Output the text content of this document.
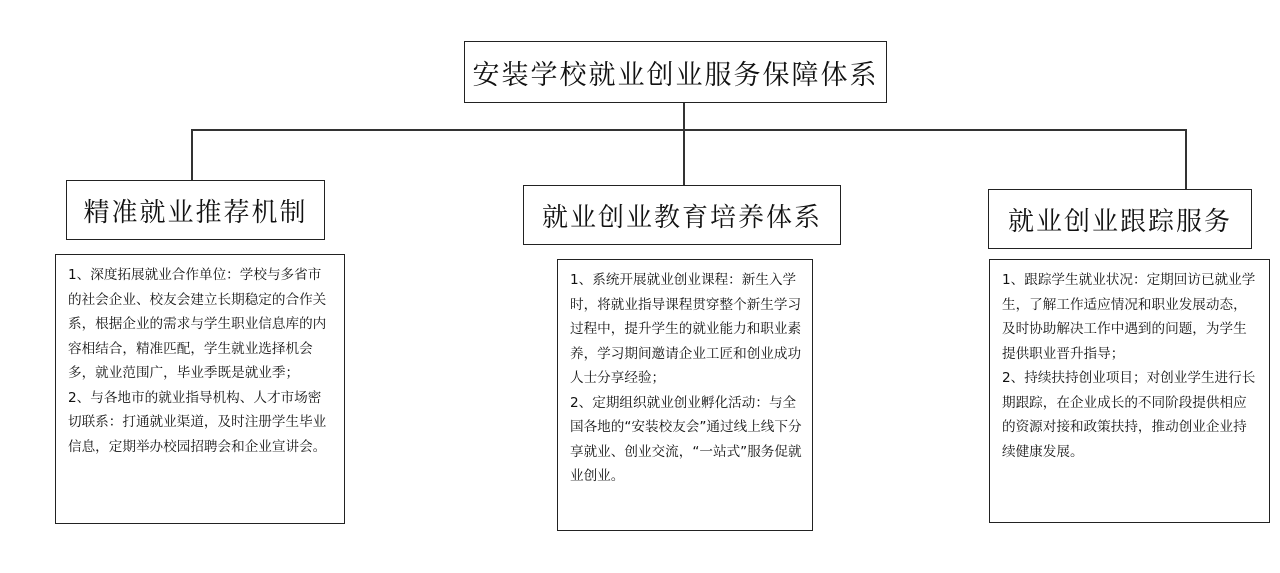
安装学校就业创业服务保障体系
精准就业推荐机制	就业创业教育培养体系	就业创业跟踪服务

1、深度拓展就业合作单位：学校与多省市的社会企业、校友会建立长期稳定的合作关系，根据企业的需求与学生职业信息库的内容相结合，精准匹配，学生就业选择机会多，就业范围广，毕业季既是就业季；

2、与各地市的就业指导机构、人才市场密切联系：打通就业渠道，及时注册学生毕业信息，定期举办校园招聘会和企业宣讲会。

1、系统开展就业创业课程：新生入学时，将就业指导课程贯穿整个新生学习过程中，提升学生的就业能力和职业素养，学习期间邀请企业工匠和创业成功人士分享经验；

2、定期组织就业创业孵化活动：与全国各地的“安装校友会”通过线上线下分享就业、创业交流，“一站式”服务促就业创业。

1、跟踪学生就业状况：定期回访已就业学生，了解工作适应情况和职业发展动态，及时协助解决工作中遇到的问题，为学生提供职业晋升指导；

2、持续扶持创业项目；对创业学生进行长期跟踪，在企业成长的不同阶段提供相应的资源对接和政策扶持，推动创业企业持续健康发展。
